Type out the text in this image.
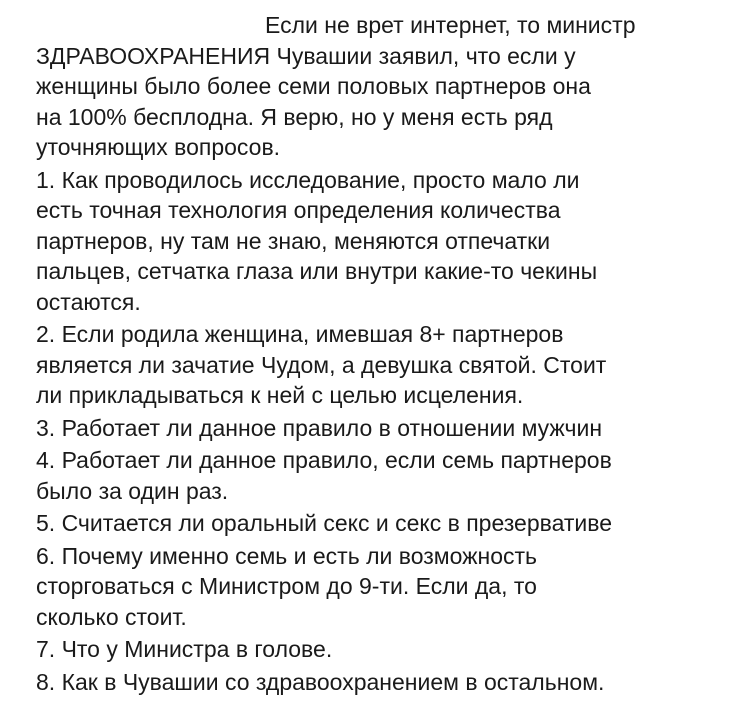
Если не врет интернет, то министр
ЗДРАВООХРАНЕНИЯ Чувашии заявил, что если у
женщины было более семи половых партнеров она
на 100% бесплодна. Я верю, но у меня есть ряд
уточняющих вопросов.
1. Как проводилось исследование, просто мало ли
есть точная технология определения количества
партнеров, ну там не знаю, меняются отпечатки
пальцев, сетчатка глаза или внутри какие-то чекины
остаются.
2. Если родила женщина, имевшая 8+ партнеров
является ли зачатие Чудом, а девушка святой. Стоит
ли прикладываться к ней с целью исцеления.
3. Работает ли данное правило в отношении мужчин
4. Работает ли данное правило, если семь партнеров
было за один раз.
5. Считается ли оральный секс и секс в презервативе
6. Почему именно семь и есть ли возможность
сторговаться с Министром до 9-ти. Если да, то
сколько стоит.
7. Что у Министра в голове.
8. Как в Чувашии со здравоохранением в остальном.
